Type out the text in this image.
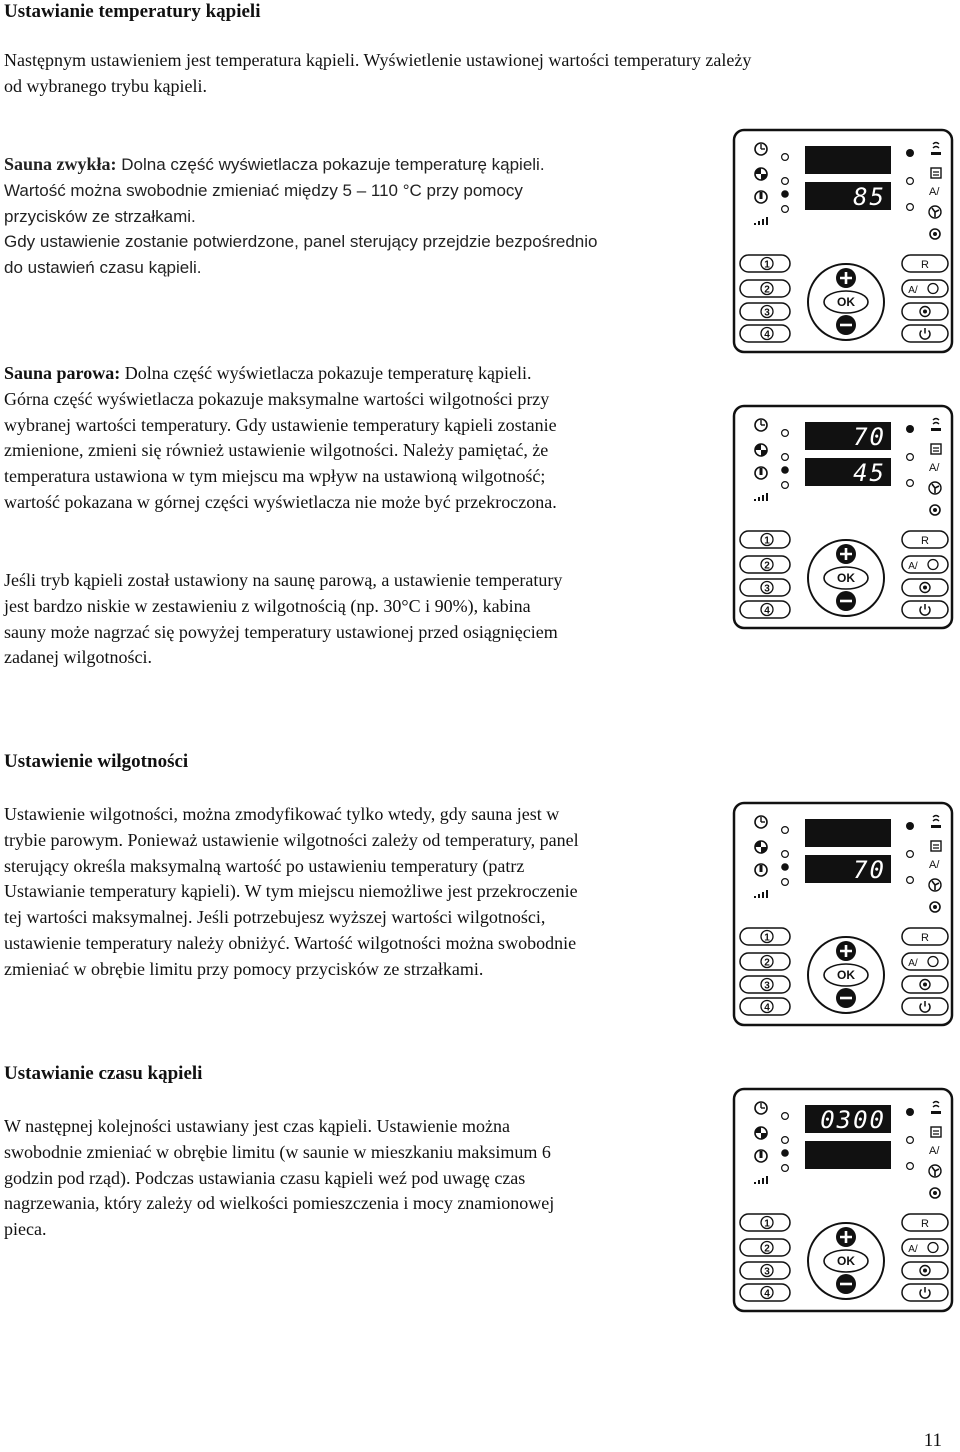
Ustawianie temperatury kąpieli

Następnym ustawieniem jest temperatura kąpieli. Wyświetlenie ustawionej wartości temperatury zależy
od wybranego trybu kąpieli.

Sauna zwykła: Dolna część wyświetlacza pokazuje temperaturę kąpieli.
Wartość można swobodnie zmieniać między 5 – 110 °C przy pomocy
przycisków ze strzałkami.
Gdy ustawienie zostanie potwierdzone, panel sterujący przejdzie bezpośrednio
do ustawień czasu kąpieli.

Sauna parowa: Dolna część wyświetlacza pokazuje temperaturę kąpieli.
Górna część wyświetlacza pokazuje maksymalne wartości wilgotności przy
wybranej wartości temperatury. Gdy ustawienie temperatury kąpieli zostanie
zmienione, zmieni się również ustawienie wilgotności. Należy pamiętać, że
temperatura ustawiona w tym miejscu ma wpływ na ustawioną wilgotność;
wartość pokazana w górnej części wyświetlacza nie może być przekroczona.

Jeśli tryb kąpieli został ustawiony na saunę parową, a ustawienie temperatury
jest bardzo niskie w zestawieniu z wilgotnością (np. 30°C i 90%), kabina
sauny może nagrzać się powyżej temperatury ustawionej przed osiągnięciem
zadanej wilgotności.

Ustawienie wilgotności

Ustawienie wilgotności, można zmodyfikować tylko wtedy, gdy sauna jest w
trybie parowym. Ponieważ ustawienie wilgotności zależy od temperatury, panel
sterujący określa maksymalną wartość po ustawieniu temperatury (patrz
Ustawianie temperatury kąpieli). W tym miejscu niemożliwe jest przekroczenie
tej wartości maksymalnej. Jeśli potrzebujesz wyższej wartości wilgotności,
ustawienie temperatury należy obniżyć. Wartość wilgotności można swobodnie
zmieniać w obrębie limitu przy pomocy przycisków ze strzałkami.

Ustawianie czasu kąpieli

W następnej kolejności ustawiany jest czas kąpieli. Ustawienie można
swobodnie zmieniać w obrębie limitu (w saunie w mieszkaniu maksimum 6
godzin pod rząd). Podczas ustawiania czasu kąpieli weź pod uwagę czas
nagrzewania, który zależy od wielkości pomieszczenia i mocy znamionowej
pieca.

85	A/
1
2
3
4
OK
R
A/
70
45	A/
1
2
3
4
OK
R
A/
70	A/
1
2
3
4
OK
R
A/
0300
A/
1
2
3
4
OK
R
A/

11
